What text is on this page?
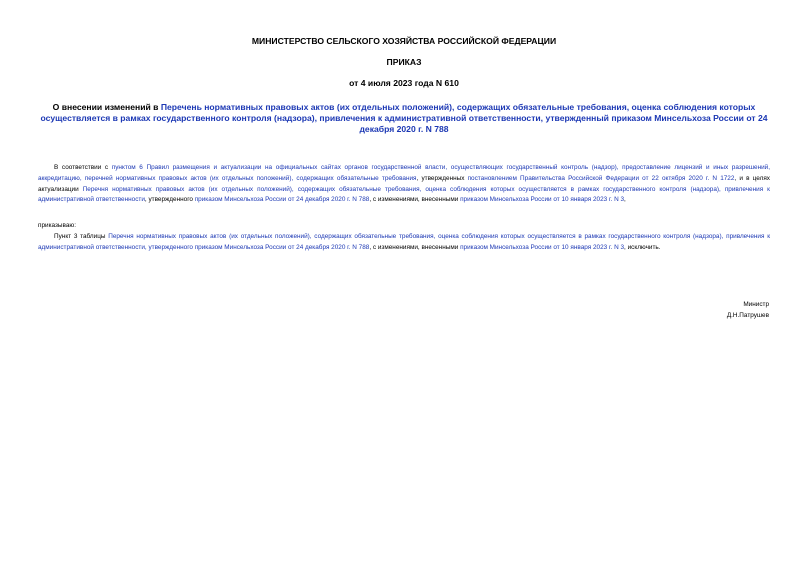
МИНИСТЕРСТВО СЕЛЬСКОГО ХОЗЯЙСТВА РОССИЙСКОЙ ФЕДЕРАЦИИ

ПРИКАЗ

от 4 июля 2023 года N 610

О внесении изменений в Перечень нормативных правовых актов (их отдельных положений), содержащих обязательные требования, оценка соблюдения которых осуществляется в рамках государственного контроля (надзора), привлечения к административной ответственности, утвержденный приказом Минсельхоза России от 24 декабря 2020 г. N 788

В соответствии с пунктом 6 Правил размещения и актуализации на официальных сайтах органов государственной власти, осуществляющих государственный контроль (надзор), предоставление лицензий и иных разрешений, аккредитацию, перечней нормативных правовых актов (их отдельных положений), содержащих обязательные требования, утвержденных постановлением Правительства Российской Федерации от 22 октября 2020 г. N 1722, и в целях актуализации Перечня нормативных правовых актов (их отдельных положений), содержащих обязательные требования, оценка соблюдения которых осуществляется в рамках государственного контроля (надзора), привлечения к административной ответственности, утвержденного приказом Минсельхоза России от 24 декабря 2020 г. N 788, с изменениями, внесенными приказом Минсельхоза России от 10 января 2023 г. N 3,

приказываю:

Пункт 3 таблицы Перечня нормативных правовых актов (их отдельных положений), содержащих обязательные требования, оценка соблюдения которых осуществляется в рамках государственного контроля (надзора), привлечения к административной ответственности, утвержденного приказом Минсельхоза России от 24 декабря 2020 г. N 788, с изменениями, внесенными приказом Минсельхоза России от 10 января 2023 г. N 3, исключить.

Министр
Д.Н.Патрушев
